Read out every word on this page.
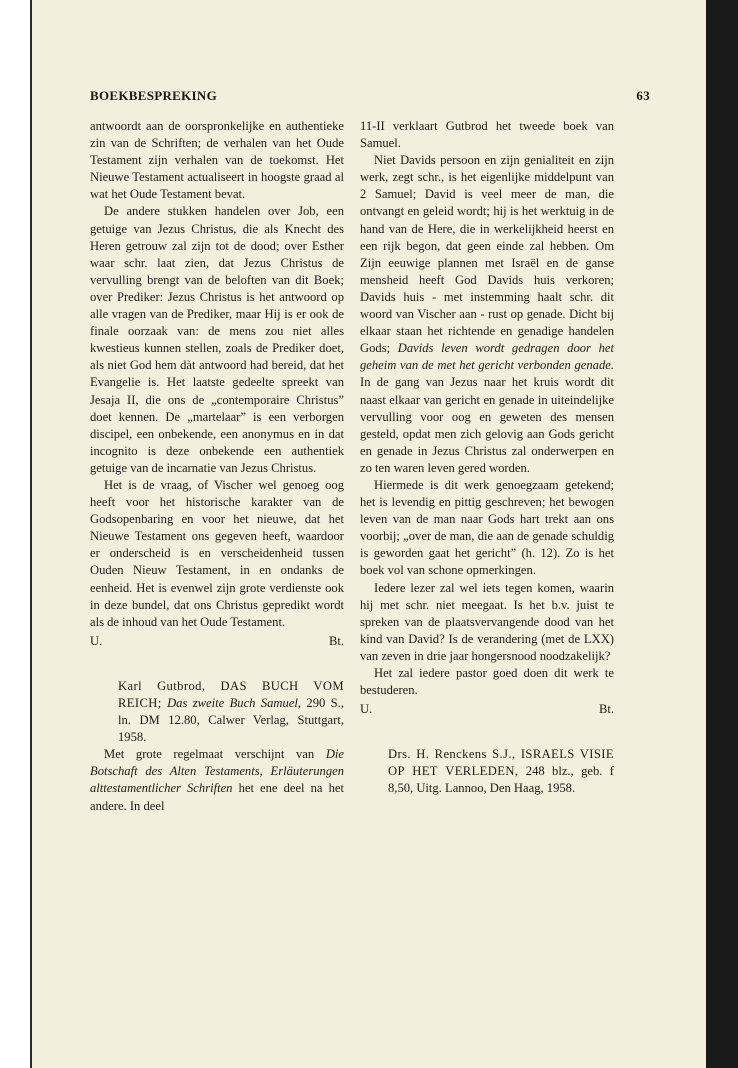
BOEKBESPREKING	63

antwoordt aan de oorspronkelijke en authentieke zin van de Schriften; de verhalen van het Oude Testament zijn verhalen van de toekomst. Het Nieuwe Testament actualiseert in hoogste graad al wat het Oude Testament bevat.

De andere stukken handelen over Job, een getuige van Jezus Christus, die als Knecht des Heren getrouw zal zijn tot de dood; over Esther waar schr. laat zien, dat Jezus Christus de vervulling brengt van de beloften van dit Boek; over Prediker: Jezus Christus is het antwoord op alle vragen van de Prediker, maar Hij is er ook de finale oorzaak van: de mens zou niet alles kwestieus kunnen stellen, zoals de Prediker doet, als niet God hem dàt antwoord had bereid, dat het Evangelie is. Het laatste gedeelte spreekt van Jesaja II, die ons de „contemporaire Christus” doet kennen. De „martelaar” is een verborgen discipel, een onbekende, een anonymus en in dat incognito is deze onbekende een authentiek getuige van de incarnatie van Jezus Christus.

Het is de vraag, of Vischer wel genoeg oog heeft voor het historische karakter van de Godsopenbaring en voor het nieuwe, dat het Nieuwe Testament ons gegeven heeft, waardoor er onderscheid is en verscheidenheid tussen Ouden Nieuw Testament, in en ondanks de eenheid. Het is evenwel zijn grote verdienste ook in deze bundel, dat ons Christus gepredikt wordt als de inhoud van het Oude Testament.

U.	Bt.

Karl Gutbrod, DAS BUCH VOM REICH; Das zweite Buch Samuel, 290 S., ln. DM 12.80, Calwer Verlag, Stuttgart, 1958.

Met grote regelmaat verschijnt van Die Botschaft des Alten Testaments, Erläuterungen alttestamentlicher Schriften het ene deel na het andere. In deel

11-II verklaart Gutbrod het tweede boek van Samuel.

Niet Davids persoon en zijn genialiteit en zijn werk, zegt schr., is het eigenlijke middelpunt van 2 Samuel; David is veel meer de man, die ontvangt en geleid wordt; hij is het werktuig in de hand van de Here, die in werkelijkheid heerst en een rijk begon, dat geen einde zal hebben. Om Zijn eeuwige plannen met Israël en de ganse mensheid heeft God Davids huis verkoren; Davids huis - met instemming haalt schr. dit woord van Vischer aan - rust op genade. Dicht bij elkaar staan het richtende en genadige handelen Gods; Davids leven wordt gedragen door het geheim van de met het gericht verbonden genade. In de gang van Jezus naar het kruis wordt dit naast elkaar van gericht en genade in uiteindelijke vervulling voor oog en geweten des mensen gesteld, opdat men zich gelovig aan Gods gericht en genade in Jezus Christus zal onderwerpen en zo ten waren leven gered worden.

Hiermede is dit werk genoegzaam getekend; het is levendig en pittig geschreven; het bewogen leven van de man naar Gods hart trekt aan ons voorbij; „over de man, die aan de genade schuldig is geworden gaat het gericht” (h. 12). Zo is het boek vol van schone opmerkingen.

Iedere lezer zal wel iets tegen komen, waarin hij met schr. niet meegaat. Is het b.v. juist te spreken van de plaatsvervangende dood van het kind van David? Is de verandering (met de LXX) van zeven in drie jaar hongersnood noodzakelijk?

Het zal iedere pastor goed doen dit werk te bestuderen.

U.	Bt.

Drs. H. Renckens S.J., ISRAELS VISIE OP HET VERLEDEN, 248 blz., geb. f 8,50, Uitg. Lannoo, Den Haag, 1958.
